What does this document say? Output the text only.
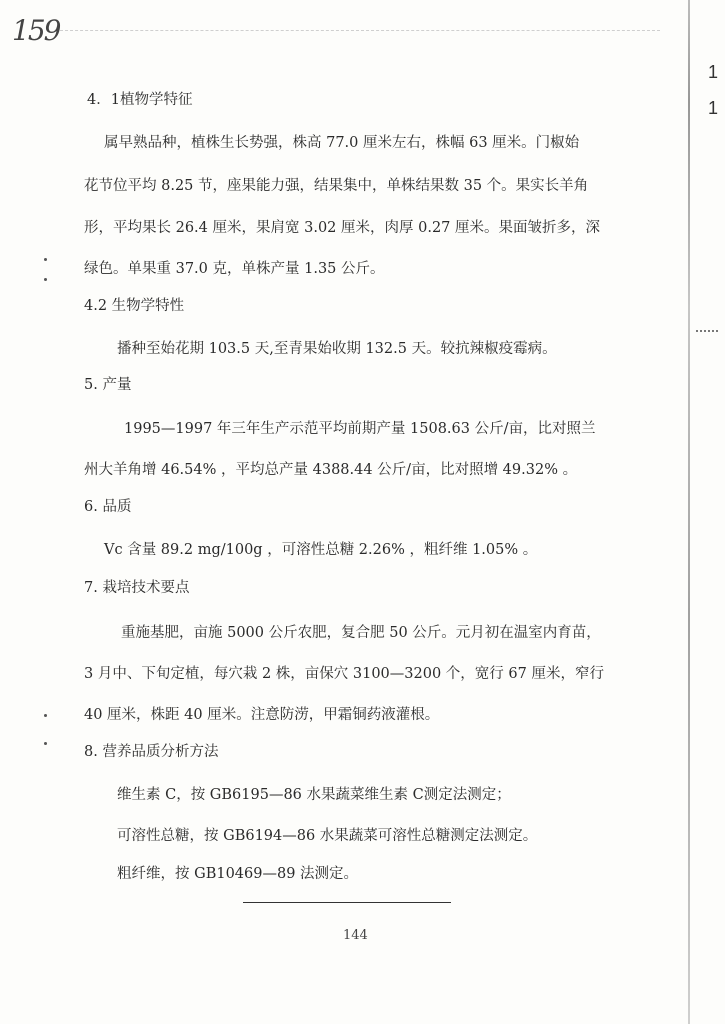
159
1
1
4．1植物学特征
属早熟品种，植株生长势强，株高 77.0 厘米左右，株幅 63 厘米。门椒始
花节位平均 8.25 节，座果能力强，结果集中，单株结果数 35 个。果实长羊角
形，平均果长 26.4 厘米，果肩宽 3.02 厘米，肉厚 0.27 厘米。果面皱折多，深
绿色。单果重 37.0 克，单株产量 1.35 公斤。
4.2 生物学特性
播种至始花期 103.5 天,至青果始收期 132.5 天。较抗辣椒疫霉病。
5. 产量
1995—1997 年三年生产示范平均前期产量 1508.63 公斤/亩，比对照兰
州大羊角增 46.54% ，平均总产量 4388.44 公斤/亩，比对照增 49.32% 。
6. 品质
Vc 含量 89.2 mg/100g ，可溶性总糖 2.26% ，粗纤维 1.05% 。
7. 栽培技术要点
重施基肥，亩施 5000 公斤农肥，复合肥 50 公斤。元月初在温室内育苗，
3 月中、下旬定植，每穴栽 2 株，亩保穴 3100—3200 个，宽行 67 厘米，窄行
40 厘米，株距 40 厘米。注意防涝，甲霜铜药液灌根。
8. 营养品质分析方法
维生素 C，按 GB6195—86 水果蔬菜维生素 C测定法测定；
可溶性总糖，按 GB6194—86 水果蔬菜可溶性总糖测定法测定。
粗纤维，按 GB10469—89 法测定。
144
